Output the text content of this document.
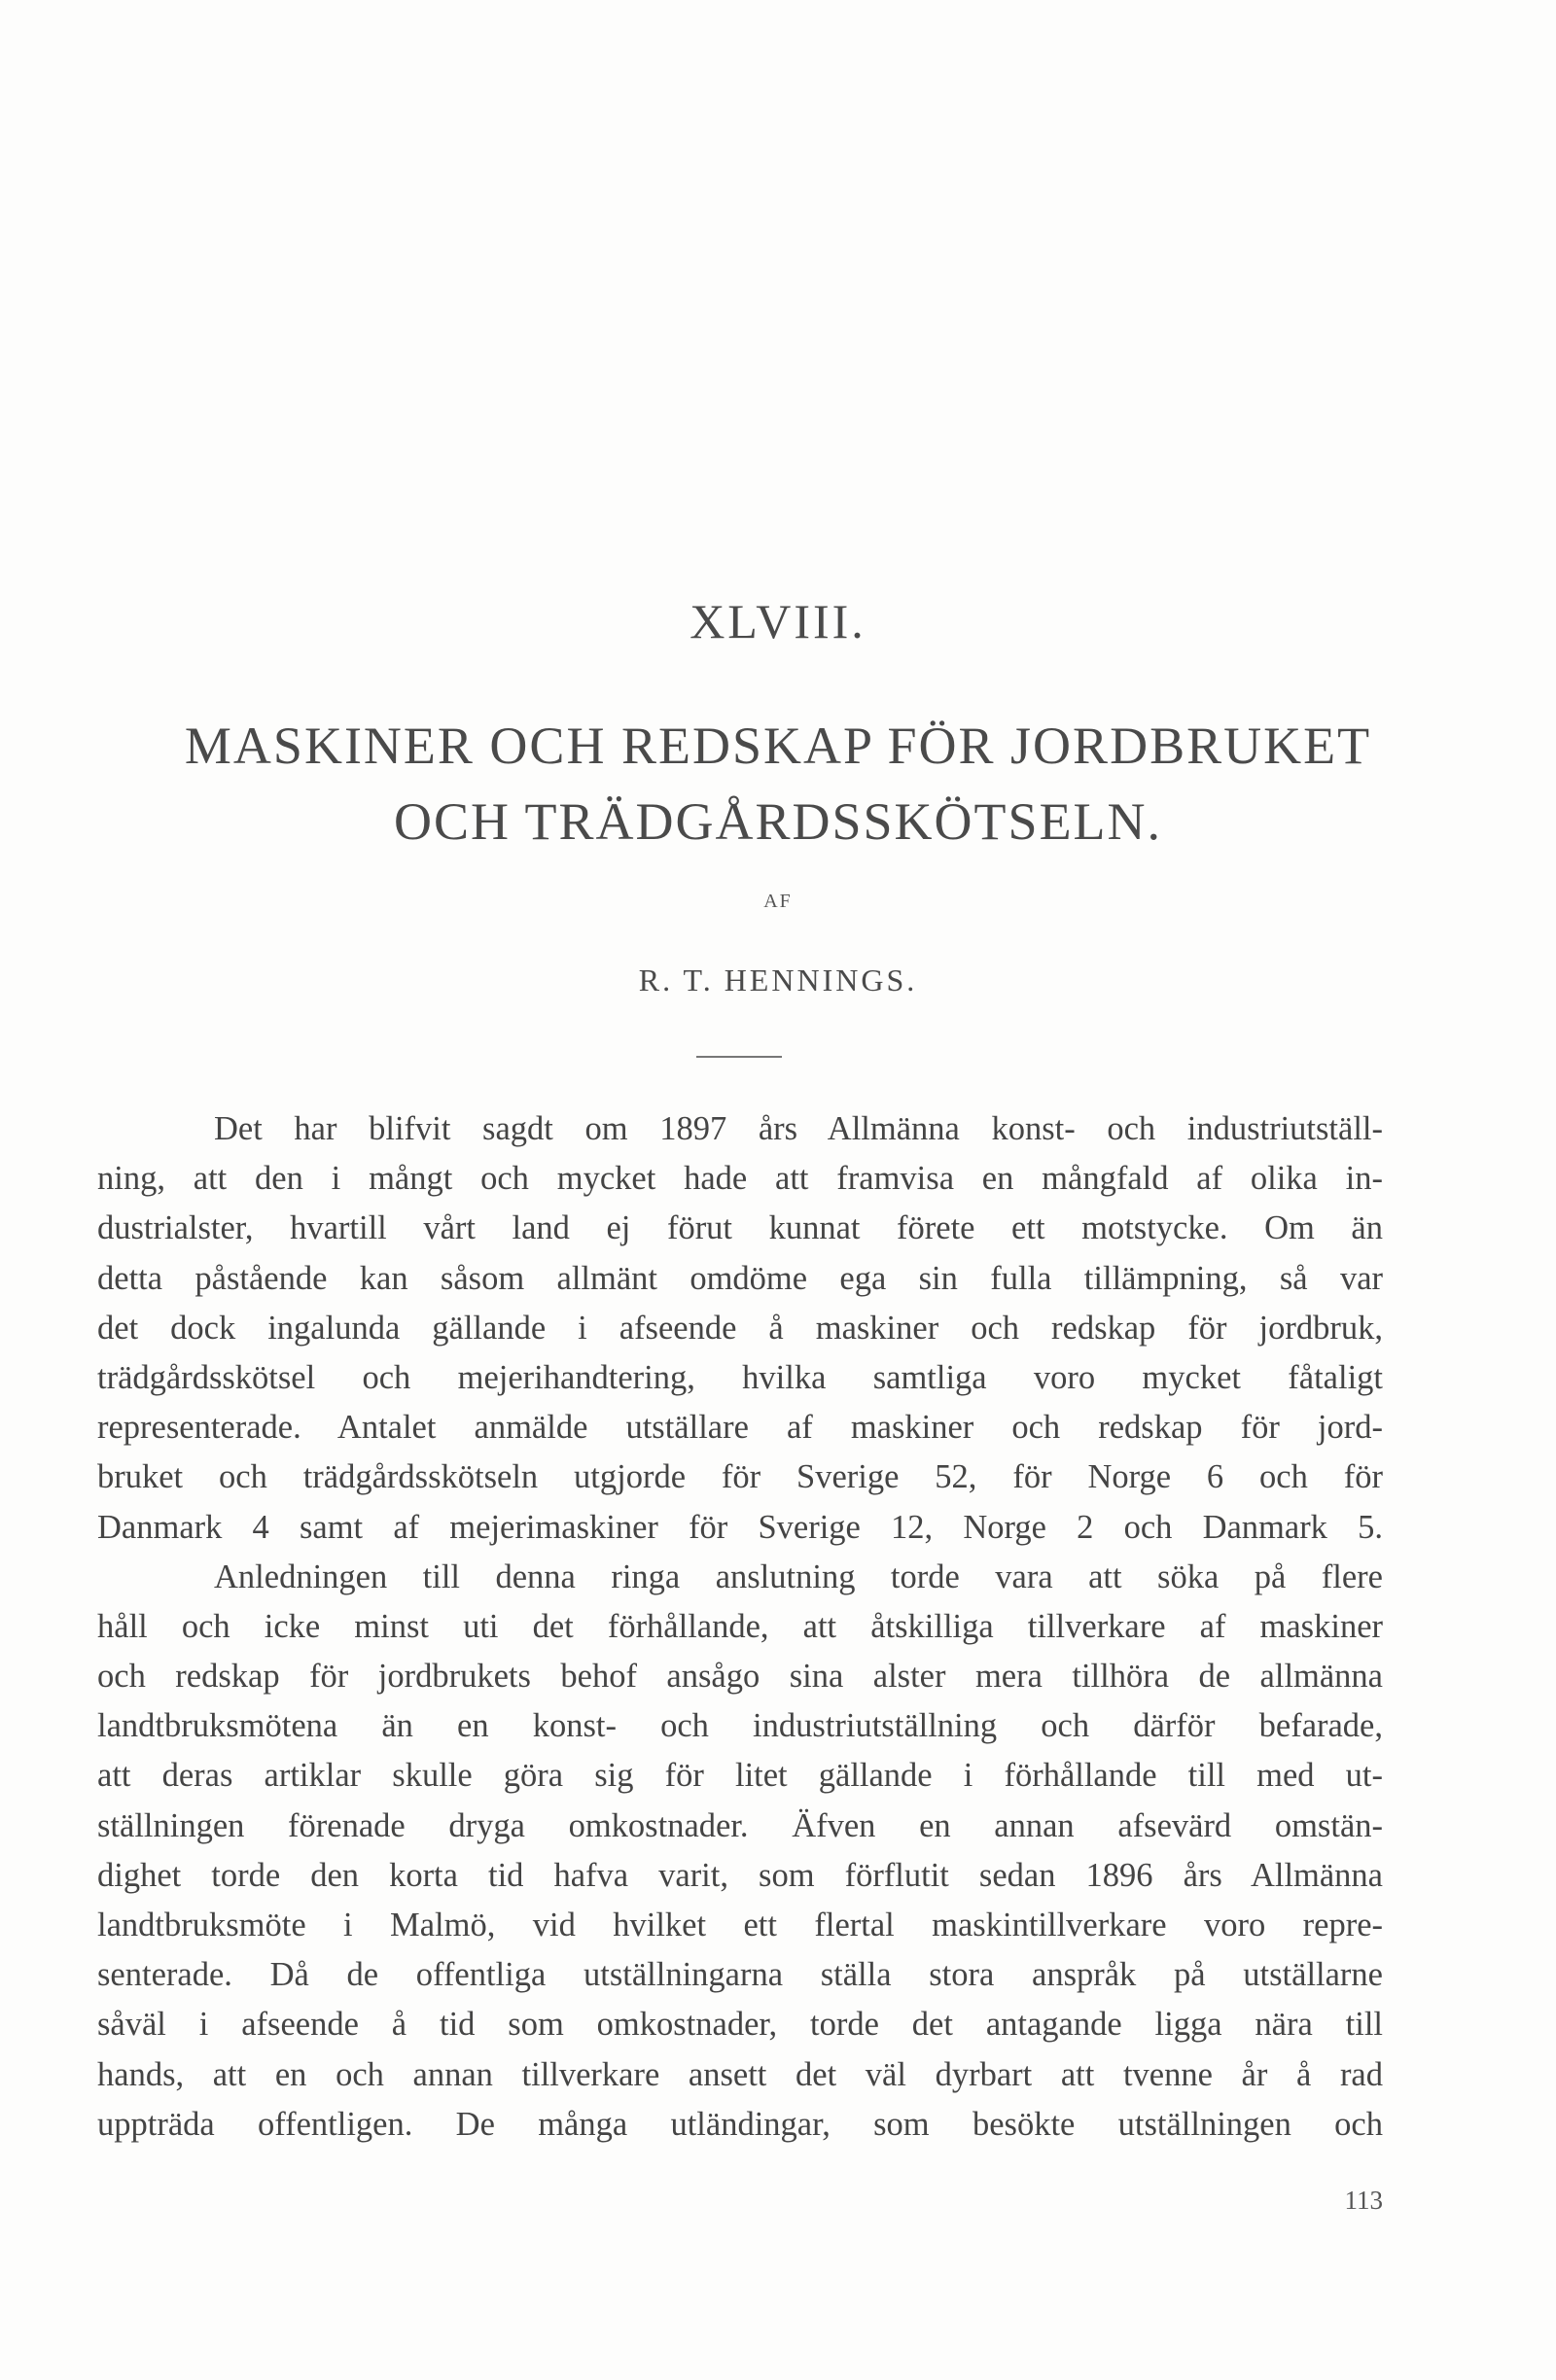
XLVIII.
MASKINER OCH REDSKAP FÖR JORDBRUKET
OCH TRÄDGÅRDSSKÖTSELN.
AF
R. T. HENNINGS.
Det har blifvit sagdt om 1897 års Allmänna konst- och industriutställ-
ning, att den i mångt och mycket hade att framvisa en mångfald af olika in-
dustrialster, hvartill vårt land ej förut kunnat förete ett motstycke. Om än
detta påstående kan såsom allmänt omdöme ega sin fulla tillämpning, så var
det dock ingalunda gällande i afseende å maskiner och redskap för jordbruk,
trädgårdsskötsel och mejerihandtering, hvilka samtliga voro mycket fåtaligt
representerade. Antalet anmälde utställare af maskiner och redskap för jord-
bruket och trädgårdsskötseln utgjorde för Sverige 52, för Norge 6 och för
Danmark 4 samt af mejerimaskiner för Sverige 12, Norge 2 och Danmark 5.
Anledningen till denna ringa anslutning torde vara att söka på flere
håll och icke minst uti det förhållande, att åtskilliga tillverkare af maskiner
och redskap för jordbrukets behof ansågo sina alster mera tillhöra de allmänna
landtbruksmötena än en konst- och industriutställning och därför befarade,
att deras artiklar skulle göra sig för litet gällande i förhållande till med ut-
ställningen förenade dryga omkostnader. Äfven en annan afsevärd omstän-
dighet torde den korta tid hafva varit, som förflutit sedan 1896 års Allmänna
landtbruksmöte i Malmö, vid hvilket ett flertal maskintillverkare voro repre-
senterade. Då de offentliga utställningarna ställa stora anspråk på utställarne
såväl i afseende å tid som omkostnader, torde det antagande ligga nära till
hands, att en och annan tillverkare ansett det väl dyrbart att tvenne år å rad
uppträda offentligen. De många utländingar, som besökte utställningen och
113
